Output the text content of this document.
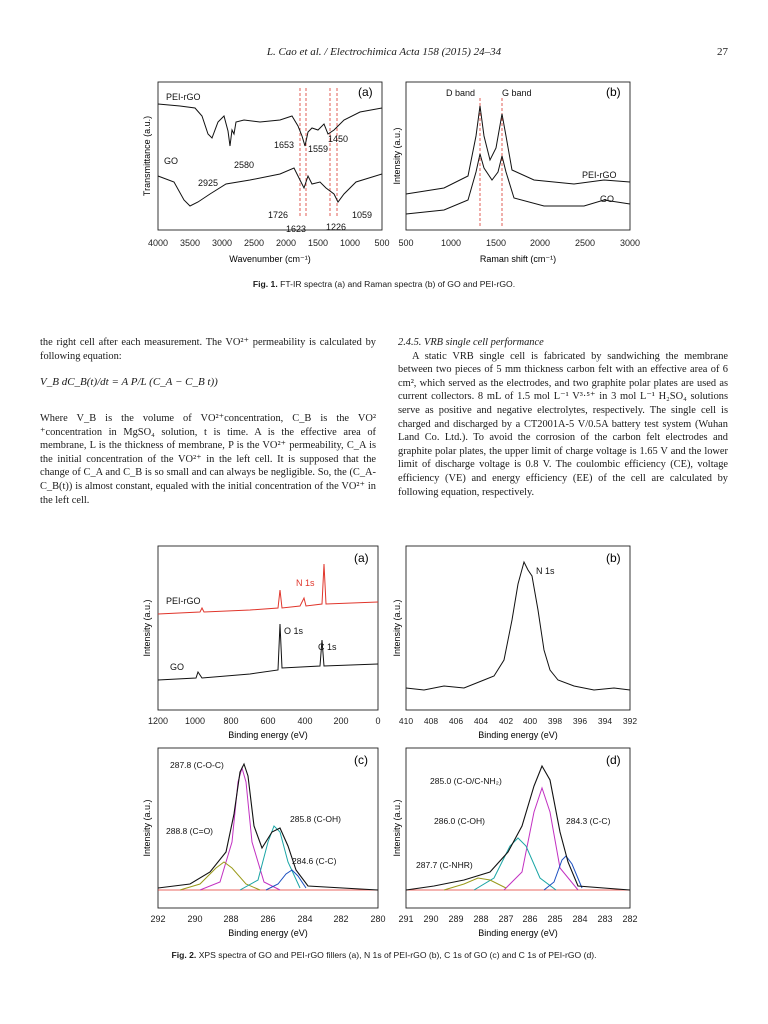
L. Cao et al. / Electrochimica Acta 158 (2015) 24–34	27
(a)
Transmittance (a.u.)
4000 3500 3000 2500 2000 1500 1000 500
Wavenumber (cm⁻¹)
PEI-rGO
GO
2925
2580
1653 1559
1450
1726
1623 1226
1059
(b)
Intensity (a.u.)
500	1000	1500	2000	2500	3000
Raman shift (cm⁻¹)
D band	G band
PEI-rGO
GO
Fig. 1. FT-IR spectra (a) and Raman spectra (b) of GO and PEI-rGO.

the right cell after each measurement. The VO²⁺ permeability is calculated by following equation:

V_B dC_B(t)/dt = A P/L (C_A − C_B t))

Where V_B is the volume of VO²⁺concentration, C_B is the VO² ⁺concentration in MgSO₄ solution, t is time. A is the effective area of membrane, L is the thickness of membrane, P is the VO²⁺ permeability, C_A is the initial concentration of the VO²⁺ in the left cell. It is supposed that the change of C_A and C_B is so small and can always be negligible. So, the (C_A-C_B(t)) is almost constant, equaled with the initial concentration of the VO²⁺ in the left cell.

2.4.5. VRB single cell performance

A static VRB single cell is fabricated by sandwiching the membrane between two pieces of 5 mm thickness carbon felt with an effective area of 6 cm², which served as the electrodes, and two graphite polar plates are used as current collectors. 8 mL of 1.5 mol L⁻¹ V³·⁵⁺ in 3 mol L⁻¹ H₂SO₄ solutions serve as positive and negative electrolytes, respectively. The single cell is charged and discharged by a CT2001A-5 V/0.5A battery test system (Wuhan Land Co. Ltd.). To avoid the corrosion of the carbon felt electrodes and graphite polar plates, the upper limit of charge voltage is 1.65 V and the lower limit of discharge voltage is 0.8 V. The coulombic efficiency (CE), voltage efficiency (VE) and energy efficiency (EE) of the cell are calculated by following equation, respectively.

(a)
Intensity (a.u.)
1200 1000 800 600 400 200	0
Binding energy (eV)
PEI-rGO
N 1s
O 1s
C 1s
GO
(b)
Intensity (a.u.)
410 408 406 404 402 400 398 396 394 392
Binding energy (eV)
N 1s
(c)
Intensity (a.u.)
292 290 288 286 284 282 280
Binding energy (eV)
287.8 (C-O-C)
288.8 (C=O)
285.8 (C-OH)
284.6 (C-C)
(d)
Intensity (a.u.)
291 290 289 288 287 286 285 284 283 282
Binding energy (eV)
285.0 (C-O/C-NH₂)
286.0 (C-OH)	284.3 (C-C)
287.7 (C-NHR)
Fig. 2. XPS spectra of GO and PEI-rGO fillers (a), N 1s of PEI-rGO (b), C 1s of GO (c) and C 1s of PEI-rGO (d).
